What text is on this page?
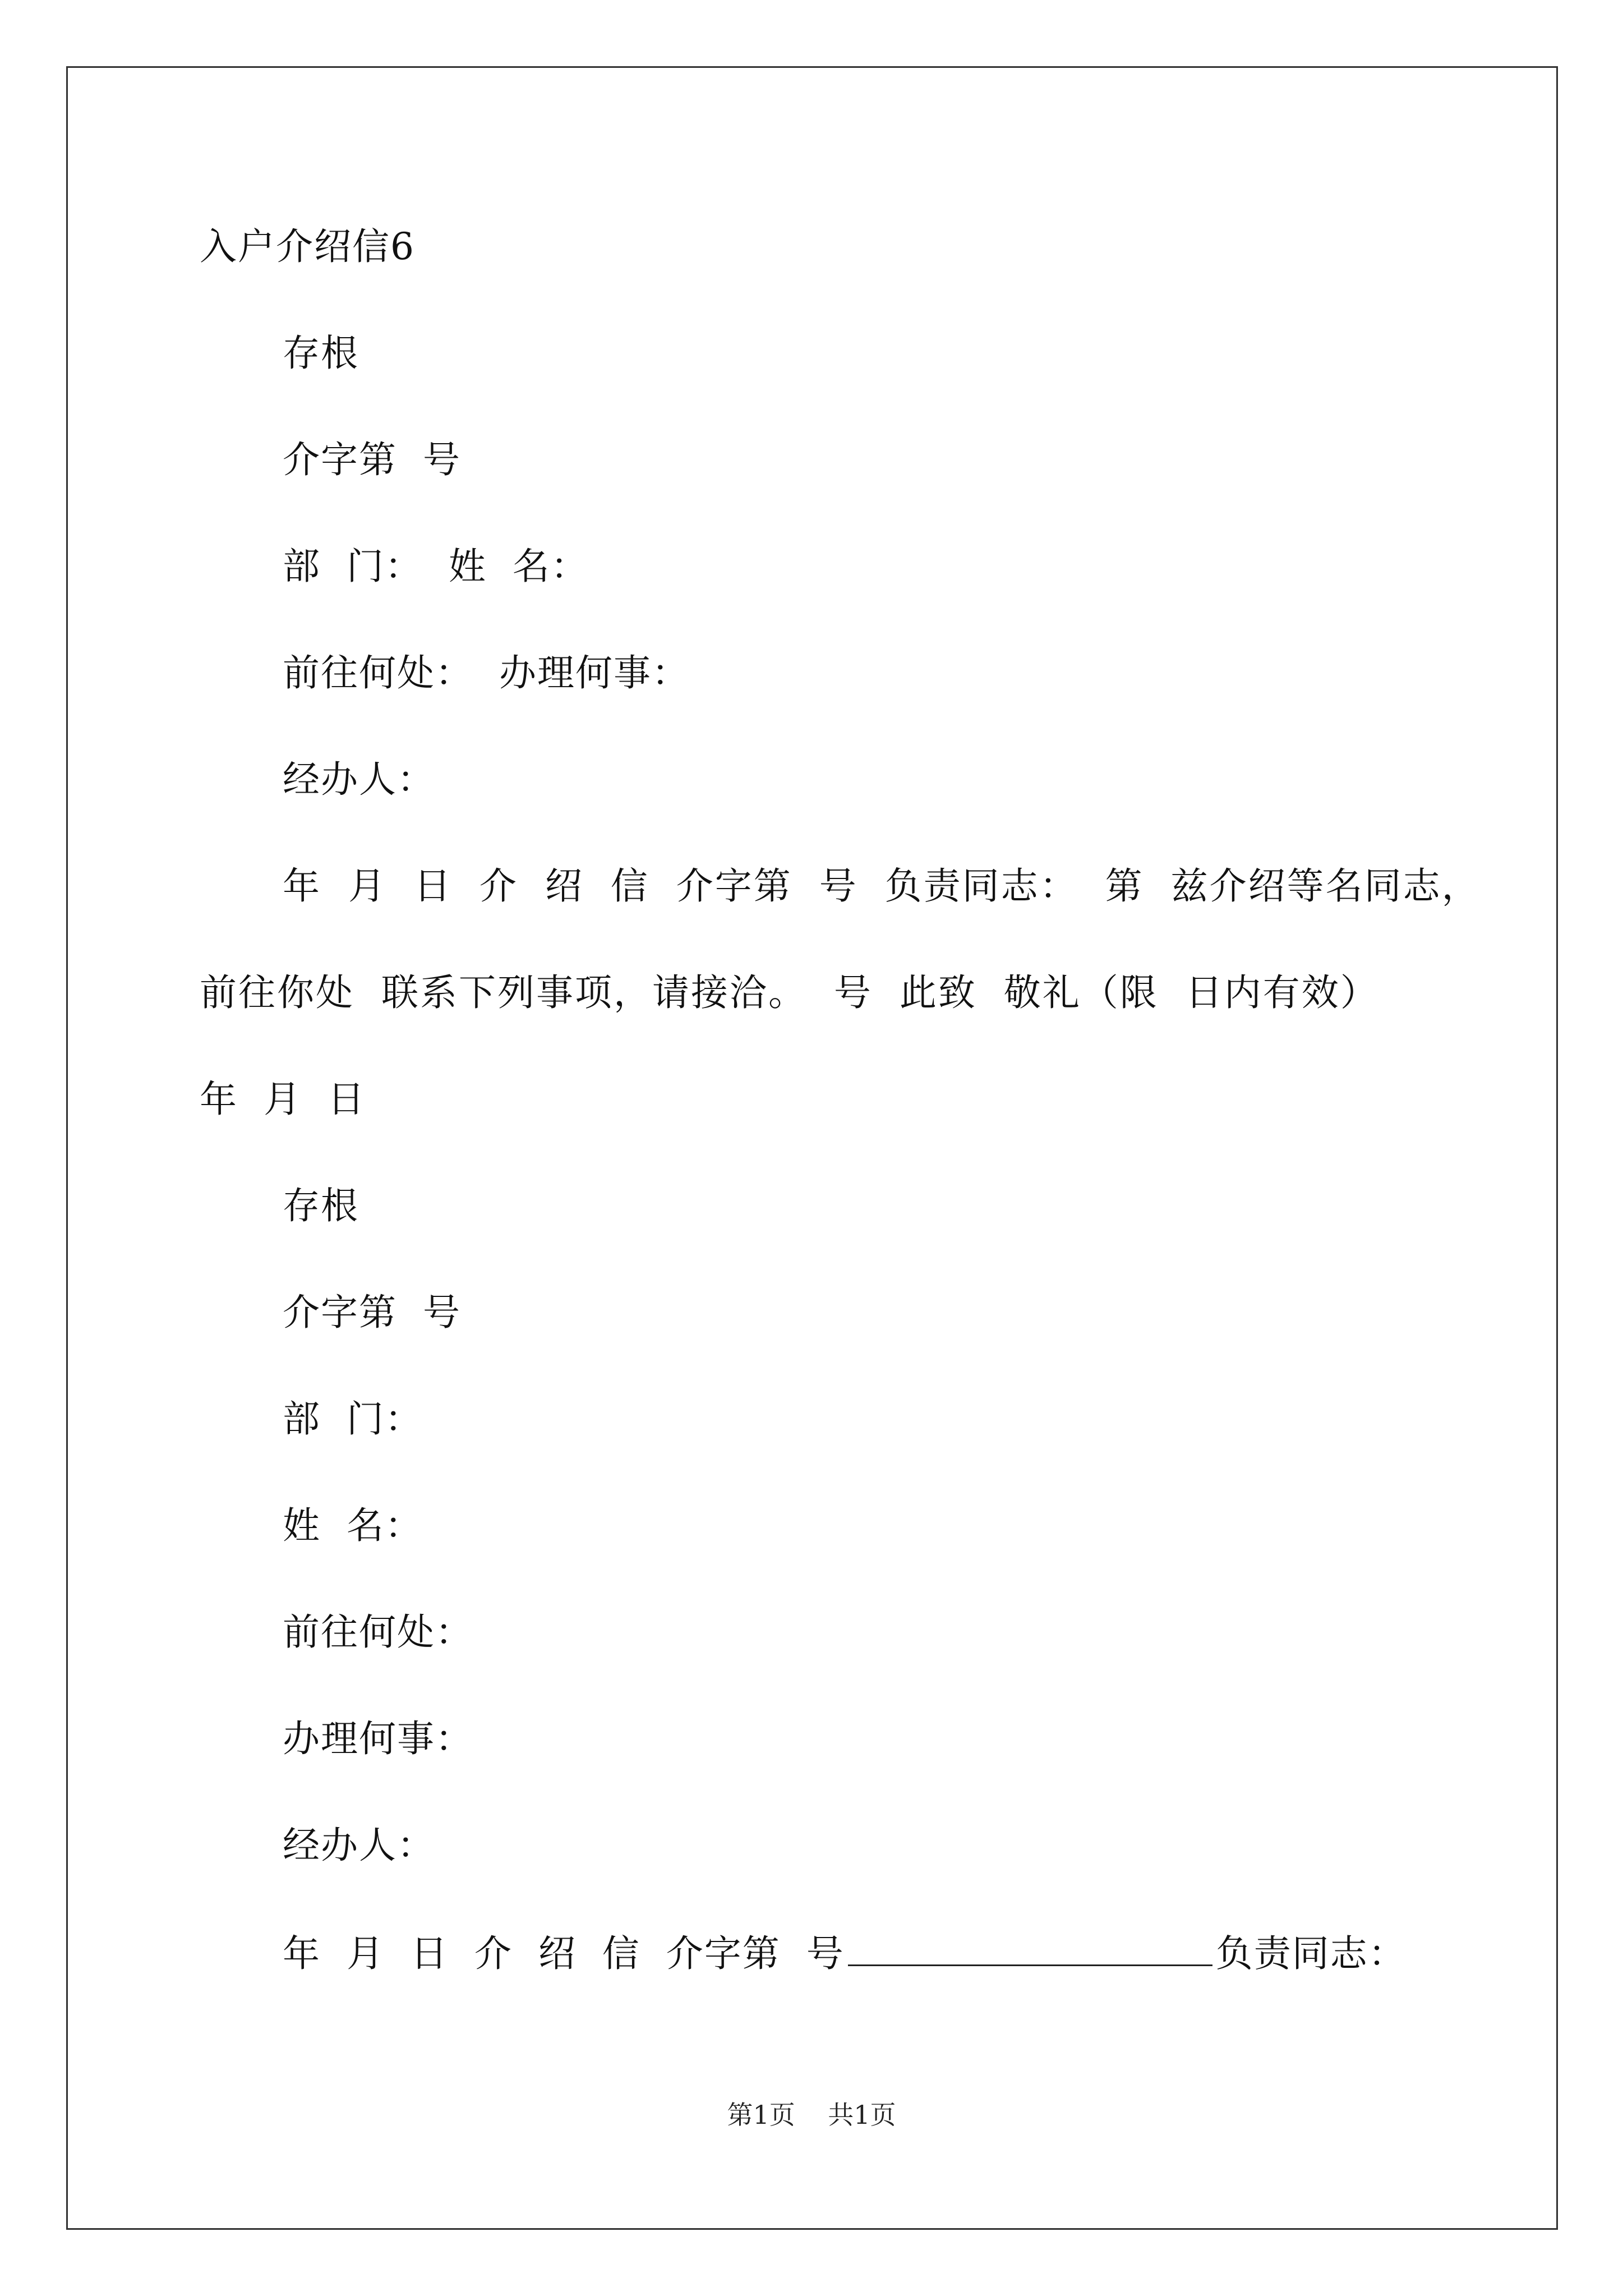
入户介绍信6
存根
介字第  号
部  门：  姓  名：
前往何处：  办理何事：
经办人：
年  月  日  介  绍  信  介字第  号  负责同志：  第  兹介绍等名同志，
前往你处  联系下列事项，请接洽。  号  此致  敬礼（限  日内有效）
年  月  日
存根
介字第  号
部  门：
姓  名：
前往何处：
办理何事：
经办人：
年  月  日  介  绍  信  介字第  号	负责同志：
第1页    共1页
